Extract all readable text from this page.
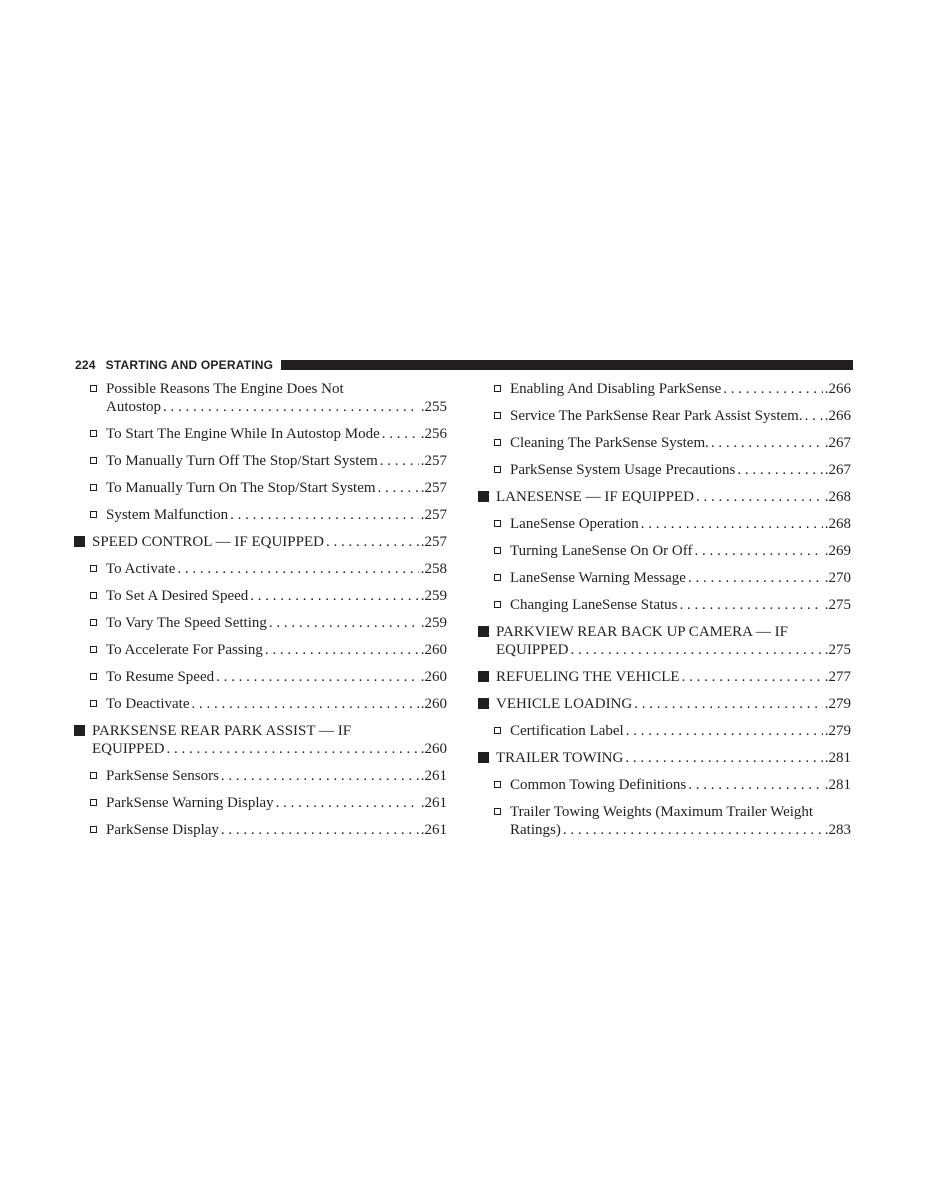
224 STARTING AND OPERATING
Possible Reasons The Engine Does Not
Autostop . . .	.255
To Start The Engine While In Autostop Mode . . .	.256
To Manually Turn Off The Stop/Start System . . .	.257
To Manually Turn On The Stop/Start System . . .	.257
System Malfunction . . .	.257
SPEED CONTROL — IF EQUIPPED . . .	.257
To Activate . . .	.258
To Set A Desired Speed . . .	.259
To Vary The Speed Setting . . .	.259
To Accelerate For Passing . . .	.260
To Resume Speed . . .	.260
To Deactivate . . .	.260
PARKSENSE REAR PARK ASSIST — IF
EQUIPPED . . .	.260
ParkSense Sensors . . .	.261
ParkSense Warning Display . . .	.261
ParkSense Display . . .	.261
Enabling And Disabling ParkSense . . .	.266
Service The ParkSense Rear Park Assist System. . . . .266
Cleaning The ParkSense System. . . .	.267
ParkSense System Usage Precautions . . .	.267
LANESENSE — IF EQUIPPED . . .	.268
LaneSense Operation . . .	.268
Turning LaneSense On Or Off . . .	.269
LaneSense Warning Message . . .	.270
Changing LaneSense Status . . .	.275
PARKVIEW REAR BACK UP CAMERA — IF
EQUIPPED . . .	.275
REFUELING THE VEHICLE . . .	.277
VEHICLE LOADING . . .	.279
Certification Label . . .	.279
TRAILER TOWING . . .	.281
Common Towing Definitions . . .	.281
Trailer Towing Weights (Maximum Trailer Weight
Ratings) . . .	.283
